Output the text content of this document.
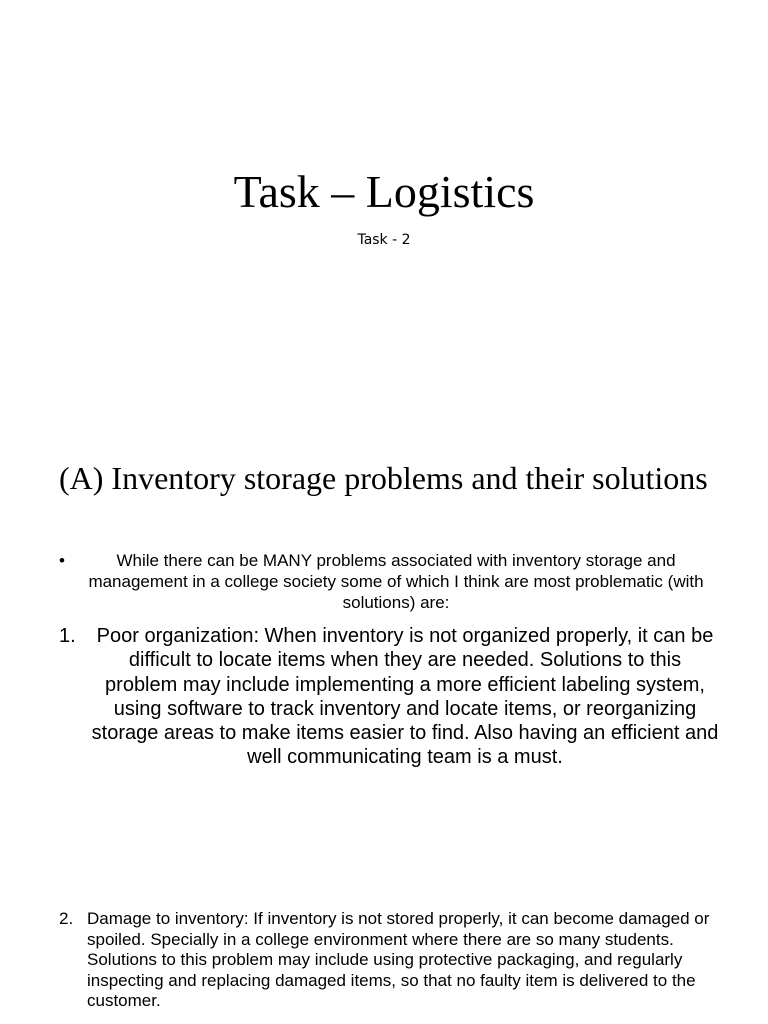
Task – Logistics
Task - 2
(A) Inventory storage problems and their solutions
•	While there can be MANY problems associated with inventory storage and management in a college society some of which I think are most problematic (with solutions) are:
1.	Poor organization: When inventory is not organized properly, it can be difficult to locate items when they are needed. Solutions to this problem may include implementing a more efficient labeling system, using software to track inventory and locate items, or reorganizing storage areas to make items easier to find. Also having an efficient and well communicating team is a must.
2. Damage to inventory: If inventory is not stored properly, it can become damaged or spoiled. Specially in a college environment where there are so many students. Solutions to this problem may include using protective packaging, and regularly inspecting and replacing damaged items, so that no faulty item is delivered to the customer.
